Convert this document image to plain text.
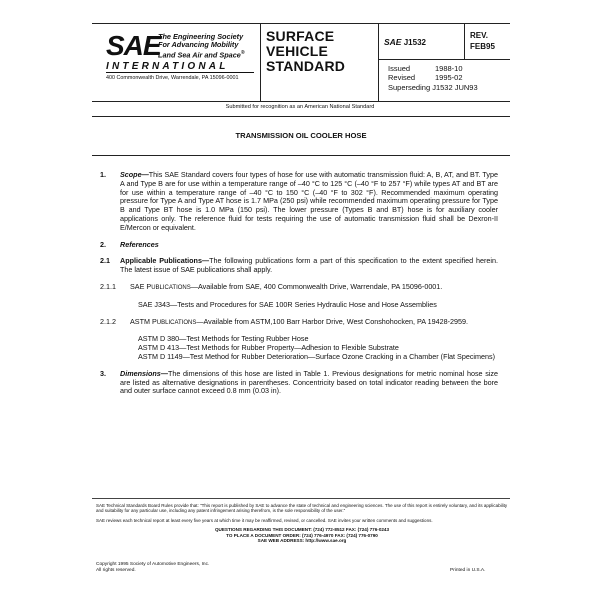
SAE
The Engineering Society
For Advancing Mobility
Land Sea Air and Space®
INTERNATIONAL
400 Commonwealth Drive, Warrendale, PA 15096-0001
SURFACE
VEHICLE
STANDARD
SAE J1532
REV.
FEB95
Issued	1988-10
Revised	1995-02
Superseding J1532 JUN93
Submitted for recognition as an American National Standard
TRANSMISSION OIL COOLER HOSE
1. Scope—This SAE Standard covers four types of hose for use with automatic transmission fluid: A, B, AT, and BT. Type A and Type B are for use within a temperature range of –40 °C to 125 °C (–40 °F to 257 °F) while types AT and BT are for use within a temperature range of –40 °C to 150 °C (–40 °F to 302 °F). Recommended maximum operating pressure for Type A and Type AT hose is 1.7 MPa (250 psi) while recommended maximum operating pressure for Type B and Type BT hose is 1.0 MPa (150 psi). The lower pressure (Types B and BT) hose is for auxiliary cooler applications only. The reference fluid for tests requiring the use of automatic transmission fluid shall be Dexron-II E/Mercon or equivalent.
2. References
2.1 Applicable Publications—The following publications form a part of this specification to the extent specified herein. The latest issue of SAE publications shall apply.
2.1.1 SAE PUBLICATIONS—Available from SAE, 400 Commonwealth Drive, Warrendale, PA 15096-0001.
SAE J343—Tests and Procedures for SAE 100R Series Hydraulic Hose and Hose Assemblies
2.1.2 ASTM PUBLICATIONS—Available from ASTM,100 Barr Harbor Drive, West Conshohocken, PA 19428-2959.
ASTM D 380—Test Methods for Testing Rubber Hose
ASTM D 413—Test Methods for Rubber Property—Adhesion to Flexible Substrate
ASTM D 1149—Test Method for Rubber Deterioration—Surface Ozone Cracking in a Chamber (Flat Specimens)
3. Dimensions—The dimensions of this hose are listed in Table 1. Previous designations for metric nominal hose size are listed as alternative designations in parentheses. Concentricity based on total indicator reading between the bore and outer surface cannot exceed 0.8 mm (0.03 in).
SAE Technical Standards Board Rules provide that: "This report is published by SAE to advance the state of technical and engineering sciences. The use of this report is entirely voluntary, and its applicability and suitability for any particular use, including any patent infringement arising therefrom, is the sole responsibility of the user."
SAE reviews each technical report at least every five years at which time it may be reaffirmed, revised, or cancelled. SAE invites your written comments and suggestions.
QUESTIONS REGARDING THIS DOCUMENT: (724) 772-8512 FAX: (724) 776-0243
TO PLACE A DOCUMENT ORDER: (724) 776-4970 FAX: (724) 776-0790
SAE WEB ADDRESS: http://www.sae.org
Copyright 1995 Society of Automotive Engineers, Inc.
All rights reserved.	Printed in U.S.A.
